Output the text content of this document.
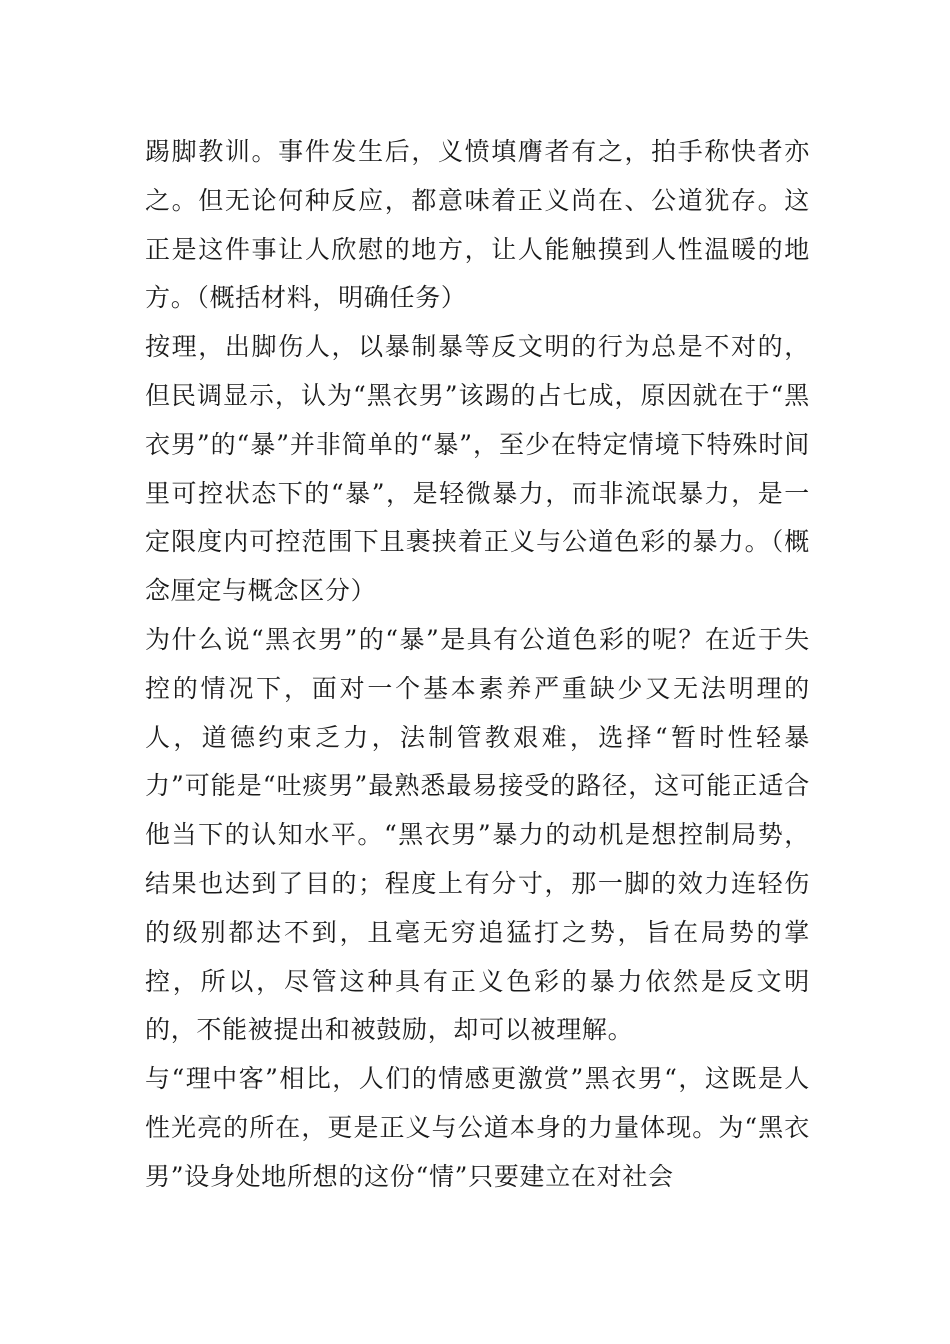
踢脚教训。事件发生后，义愤填膺者有之，拍手称快者亦之。但无论何种反应，都意味着正义尚在、公道犹存。这正是这件事让人欣慰的地方，让人能触摸到人性温暖的地方。（概括材料，明确任务）

按理，出脚伤人，以暴制暴等反文明的行为总是不对的，但民调显示，认为“黑衣男”该踢的占七成，原因就在于“黑衣男”的“暴”并非简单的“暴”，至少在特定情境下特殊时间里可控状态下的“暴”，是轻微暴力，而非流氓暴力，是一定限度内可控范围下且裹挟着正义与公道色彩的暴力。（概念厘定与概念区分）

为什么说“黑衣男”的“暴”是具有公道色彩的呢？在近于失控的情况下，面对一个基本素养严重缺少又无法明理的人，道德约束乏力，法制管教艰难，选择“暂时性轻暴力”可能是“吐痰男”最熟悉最易接受的路径，这可能正适合他当下的认知水平。“黑衣男”暴力的动机是想控制局势，结果也达到了目的；程度上有分寸，那一脚的效力连轻伤的级别都达不到，且毫无穷追猛打之势，旨在局势的掌控，所以，尽管这种具有正义色彩的暴力依然是反文明的，不能被提出和被鼓励，却可以被理解。

与“理中客”相比，人们的情感更激赏”黑衣男“，这既是人性光亮的所在，更是正义与公道本身的力量体现。为“黑衣男”设身处地所想的这份“情”只要建立在对社会
